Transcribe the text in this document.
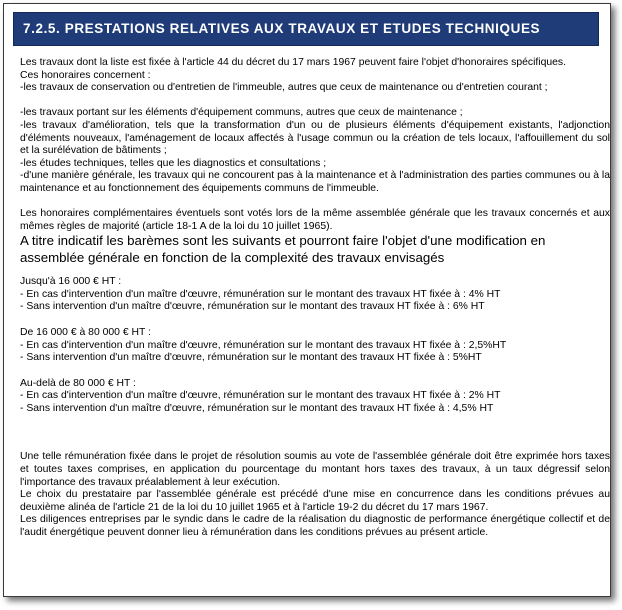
7.2.5. PRESTATIONS RELATIVES AUX TRAVAUX ET ETUDES TECHNIQUES

Les travaux dont la liste est fixée à l'article 44 du décret du 17 mars 1967 peuvent faire l'objet d'honoraires spécifiques.

Ces honoraires concernent :

-les travaux de conservation ou d'entretien de l'immeuble, autres que ceux de maintenance ou d'entretien courant ;

-les travaux portant sur les éléments d'équipement communs, autres que ceux de maintenance ;

-les travaux d'amélioration, tels que la transformation d'un ou de plusieurs éléments d'équipement existants, l'adjonction d'éléments nouveaux, l'aménagement de locaux affectés à l'usage commun ou la création de tels locaux, l'affouillement du sol et la surélévation de bâtiments ;

-les études techniques, telles que les diagnostics et consultations ;

-d'une manière générale, les travaux qui ne concourent pas à la maintenance et à l'administration des parties communes ou à la maintenance et au fonctionnement des équipements communs de l'immeuble.

Les honoraires complémentaires éventuels sont votés lors de la même assemblée générale que les travaux concernés et aux mêmes règles de majorité (article 18-1 A de la loi du 10 juillet 1965).

A titre indicatif les barèmes sont les suivants et pourront faire l'objet d'une modification en assemblée générale en fonction de la complexité des travaux envisagés

Jusqu'à 16 000 € HT :

- En cas d'intervention d'un maître d'œuvre, rémunération sur le montant des travaux HT fixée à : 4% HT

- Sans intervention d'un maître d'œuvre, rémunération sur le montant des travaux HT fixée à : 6% HT

De 16 000 € à 80 000 € HT :

- En cas d'intervention d'un maître d'œuvre, rémunération sur le montant des travaux HT fixée à : 2,5%HT

- Sans intervention d'un maître d'œuvre, rémunération sur le montant des travaux HT fixée à : 5%HT

Au-delà de 80 000 € HT :

- En cas d'intervention d'un maître d'œuvre, rémunération sur le montant des travaux HT fixée à : 2% HT

- Sans intervention d'un maître d'œuvre, rémunération sur le montant des travaux HT fixée à : 4,5% HT

Une telle rémunération fixée dans le projet de résolution soumis au vote de l'assemblée générale doit être exprimée hors taxes et toutes taxes comprises, en application du pourcentage du montant hors taxes des travaux, à un taux dégressif selon l'importance des travaux préalablement à leur exécution.

Le choix du prestataire par l'assemblée générale est précédé d'une mise en concurrence dans les conditions prévues au deuxième alinéa de l'article 21 de la loi du 10 juillet 1965 et à l'article 19-2 du décret du 17 mars 1967.

Les diligences entreprises par le syndic dans le cadre de la réalisation du diagnostic de performance énergétique collectif et de l'audit énergétique peuvent donner lieu à rémunération dans les conditions prévues au présent article.
